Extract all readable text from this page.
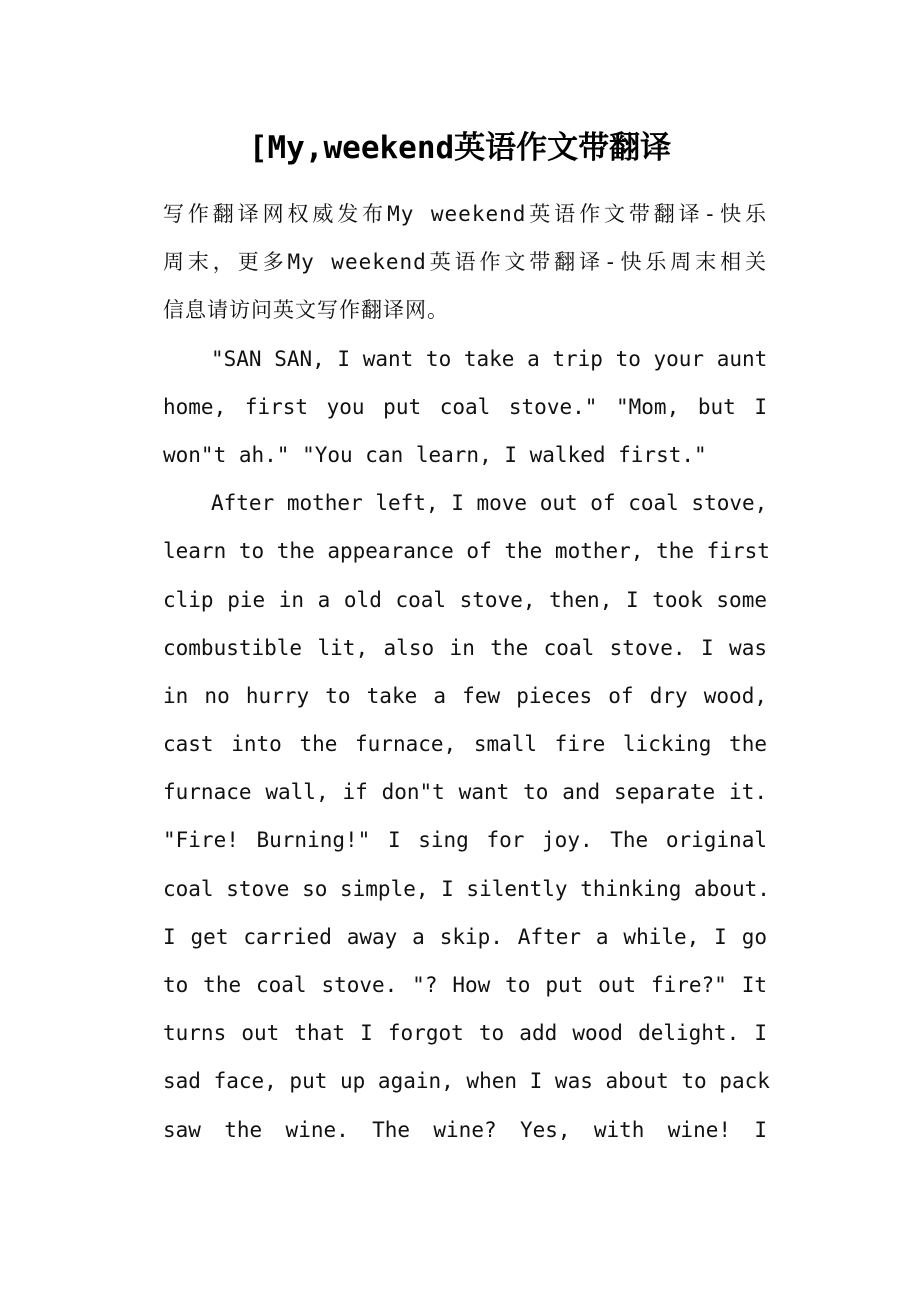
[My,weekend英语作文带翻译
写作翻译网权威发布My weekend英语作文带翻译-快乐
周末，更多My weekend英语作文带翻译-快乐周末相关
信息请访问英文写作翻译网。
"SAN SAN, I want to take a trip to your aunt
home, first you put coal stove." "Mom, but I
won"t ah." "You can learn, I walked first."
After mother left, I move out of coal stove,
learn to the appearance of the mother, the first
clip pie in a old coal stove, then, I took some
combustible lit, also in the coal stove. I was
in no hurry to take a few pieces of dry wood,
cast into the furnace, small fire licking the
furnace wall, if don"t want to and separate it.
"Fire! Burning!" I sing for joy. The original
coal stove so simple, I silently thinking about.
I get carried away a skip. After a while, I go
to the coal stove. "? How to put out fire?" It
turns out that I forgot to add wood delight. I
sad face, put up again, when I was about to pack
saw the wine. The wine? Yes, with wine! I
